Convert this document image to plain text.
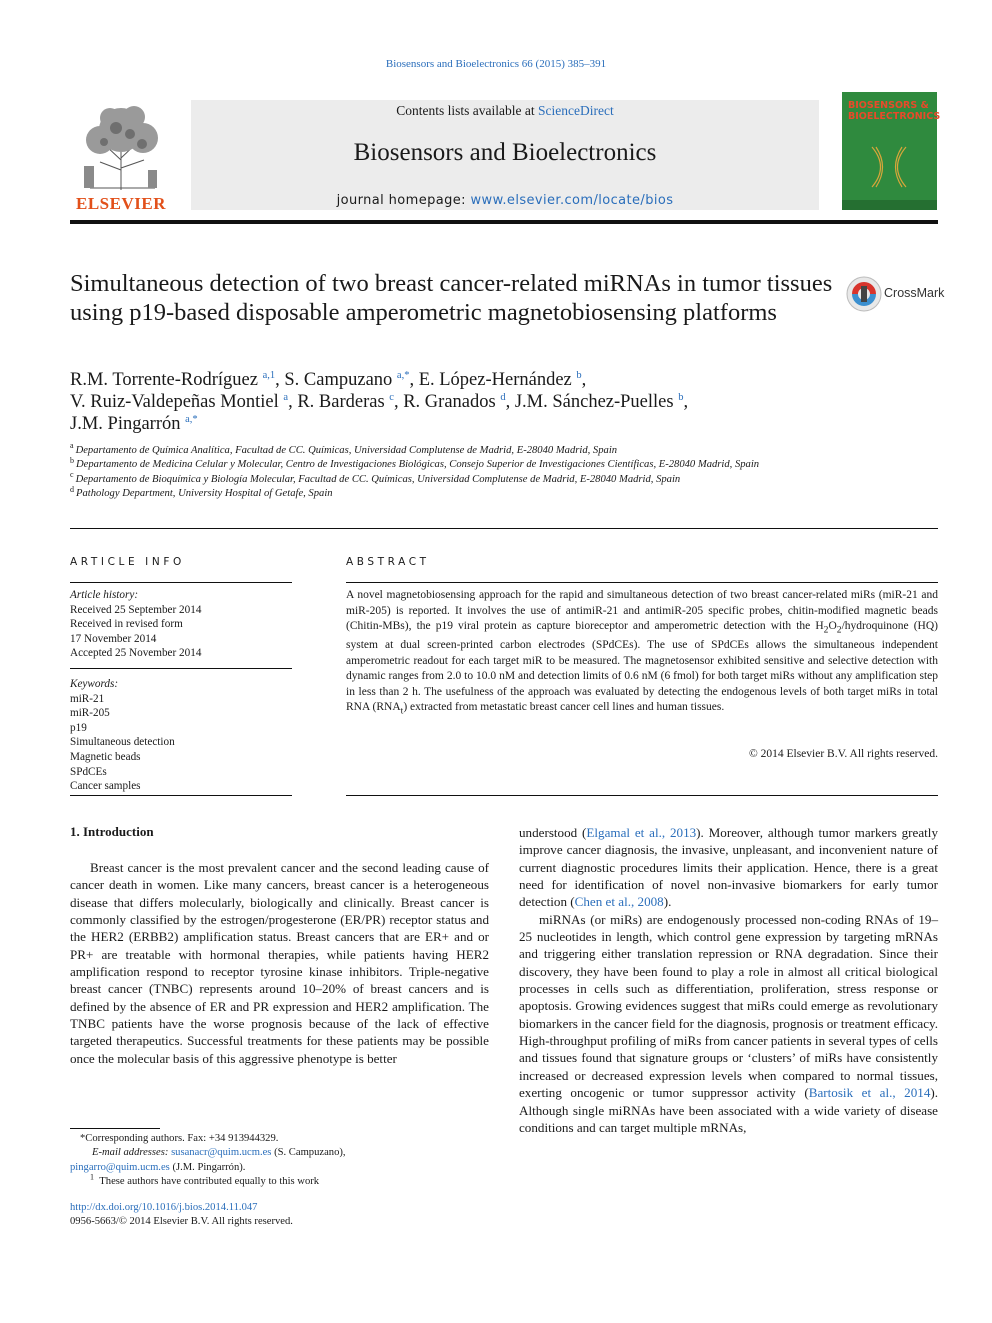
Biosensors and Bioelectronics 66 (2015) 385–391
ELSEVIER
Contents lists available at ScienceDirect
Biosensors and Bioelectronics
journal homepage: www.elsevier.com/locate/bios
BIOSENSORS & BIOELECTRONICS
Simultaneous detection of two breast cancer-related miRNAs in tumor tissues using p19-based disposable amperometric magnetobiosensing platforms
CrossMark
R.M. Torrente-Rodríguez $^{a,1}$, S. Campuzano $^{a,*}$, E. López-Hernández $^b$,
V. Ruiz-Valdepeñas Montiel $^a$, R. Barderas $^c$, R. Granados $^d$, J.M. Sánchez-Puelles $^b$,
J.M. Pingarrón $^{a,*}$
$^a$ Departamento de Química Analítica, Facultad de CC. Químicas, Universidad Complutense de Madrid, E-28040 Madrid, Spain
$^b$ Departamento de Medicina Celular y Molecular, Centro de Investigaciones Biológicas, Consejo Superior de Investigaciones Científicas, E-28040 Madrid, Spain
$^c$ Departamento de Bioquímica y Biología Molecular, Facultad de CC. Químicas, Universidad Complutense de Madrid, E-28040 Madrid, Spain
$^d$ Pathology Department, University Hospital of Getafe, Spain
ARTICLE INFO
Article history:
Received 25 September 2014
Received in revised form
17 November 2014
Accepted 25 November 2014
Keywords:
miR-21
miR-205
p19
Simultaneous detection
Magnetic beads
SPdCEs
Cancer samples
ABSTRACT
A novel magnetobiosensing approach for the rapid and simultaneous detection of two breast cancer-related miRs (miR-21 and miR-205) is reported. It involves the use of antimiR-21 and antimiR-205 specific probes, chitin-modified magnetic beads (Chitin-MBs), the p19 viral protein as capture bioreceptor and amperometric detection with the $H_2O_2$/hydroquinone (HQ) system at dual screen-printed carbon electrodes (SPdCEs). The use of SPdCEs allows the simultaneous independent amperometric readout for each target miR to be measured. The magnetosensor exhibited sensitive and selective detection with dynamic ranges from 2.0 to 10.0 nM and detection limits of 0.6 nM (6 fmol) for both target miRs without any amplification step in less than 2 h. The usefulness of the approach was evaluated by detecting the endogenous levels of both target miRs in total RNA $(RNA_t)$ extracted from metastatic breast cancer cell lines and human tissues.
© 2014 Elsevier B.V. All rights reserved.
1. Introduction

Breast cancer is the most prevalent cancer and the second leading cause of cancer death in women. Like many cancers, breast cancer is a heterogeneous disease that differs molecularly, biologically and clinically. Breast cancer is commonly classified by the estrogen/progesterone (ER/PR) receptor status and the HER2 (ERBB2) amplification status. Breast cancers that are ER+ and or PR+ are treatable with hormonal therapies, while patients having HER2 amplification respond to receptor tyrosine kinase inhibitors. Triple-negative breast cancer (TNBC) represents around 10–20% of breast cancers and is defined by the absence of ER and PR expression and HER2 amplification. The TNBC patients have the worse prognosis because of the lack of effective targeted therapeutics. Successful treatments for these patients may be possible once the molecular basis of this aggressive phenotype is better

understood (Elgamal et al., 2013). Moreover, although tumor markers greatly improve cancer diagnosis, the invasive, unpleasant, and inconvenient nature of current diagnostic procedures limits their application. Hence, there is a great need for identification of novel non-invasive biomarkers for early tumor detection (Chen et al., 2008).

miRNAs (or miRs) are endogenously processed non-coding RNAs of 19–25 nucleotides in length, which control gene expression by targeting mRNAs and triggering either translation repression or RNA degradation. Since their discovery, they have been found to play a role in almost all critical biological processes in cells such as differentiation, proliferation, stress response or apoptosis. Growing evidences suggest that miRs could emerge as revolutionary biomarkers in the cancer field for the diagnosis, prognosis or treatment efficacy. High-throughput profiling of miRs from cancer patients in several types of cells and tissues found that signature groups or ‘clusters’ of miRs have consistently increased or decreased expression levels when compared to normal tissues, exerting oncogenic or tumor suppressor activity (Bartosik et al., 2014). Although single miRNAs have been associated with a wide variety of disease conditions and can target multiple mRNAs,

*Corresponding authors. Fax: +34 913944329.
E-mail addresses: susanacr@quim.ucm.es (S. Campuzano),
pingarro@quim.ucm.es (J.M. Pingarrón).
$^1$ These authors have contributed equally to this work
http://dx.doi.org/10.1016/j.bios.2014.11.047
0956-5663/© 2014 Elsevier B.V. All rights reserved.
